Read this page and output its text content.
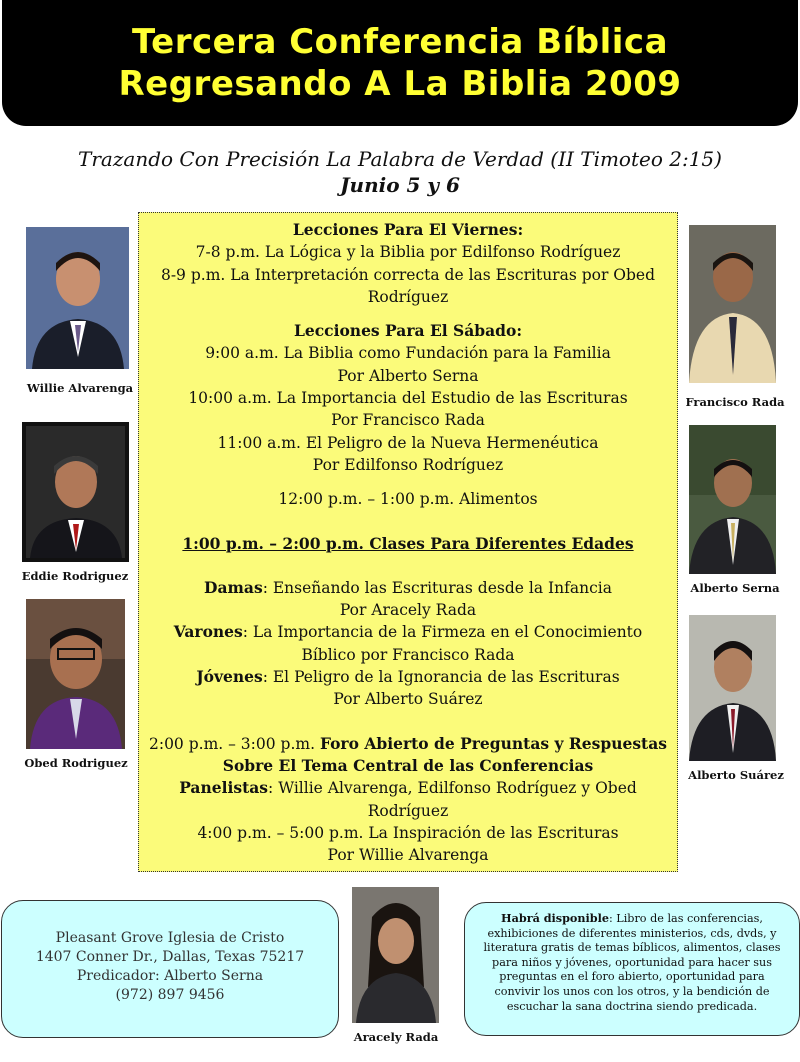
Tercera Conferencia Bíblica
Regresando A La Biblia 2009
Trazando Con Precisión La Palabra de Verdad (II Timoteo 2:15)
Junio 5 y 6

Lecciones Para El Viernes:

7-8 p.m. La Lógica y la Biblia por Edilfonso Rodríguez

8-9 p.m. La Interpretación correcta de las Escrituras por Obed Rodríguez

Lecciones Para El Sábado:

9:00 a.m. La Biblia como Fundación para la Familia

Por Alberto Serna

10:00 a.m. La Importancia del Estudio de las Escrituras

Por Francisco Rada

11:00 a.m. El Peligro de la Nueva Hermenéutica

Por Edilfonso Rodríguez

12:00 p.m. – 1:00 p.m. Alimentos

1:00 p.m. – 2:00 p.m. Clases Para Diferentes Edades

Damas: Enseñando las Escrituras desde la Infancia

Por Aracely Rada

Varones: La Importancia de la Firmeza en el Conocimiento Bíblico por Francisco Rada

Jóvenes: El Peligro de la Ignorancia de las Escrituras

Por Alberto Suárez

2:00 p.m. – 3:00 p.m. Foro Abierto de Preguntas y Respuestas Sobre El Tema Central de las Conferencias

Panelistas: Willie Alvarenga, Edilfonso Rodríguez y Obed Rodríguez

4:00 p.m. – 5:00 p.m. La Inspiración de las Escrituras

Por Willie Alvarenga

Willie Alvarenga
Eddie Rodriguez
Obed Rodriguez
Francisco Rada
Alberto Serna
Alberto Suárez
Pleasant Grove Iglesia de Cristo
1407 Conner Dr., Dallas, Texas 75217
Predicador: Alberto Serna
(972) 897 9456
Aracely Rada
Habrá disponible: Libro de las conferencias, exhibiciones de diferentes ministerios, cds, dvds, y literatura gratis de temas bíblicos, alimentos, clases para niños y jóvenes, oportunidad para hacer sus preguntas en el foro abierto, oportunidad para convivir los unos con los otros, y la bendición de escuchar la sana doctrina siendo predicada.
